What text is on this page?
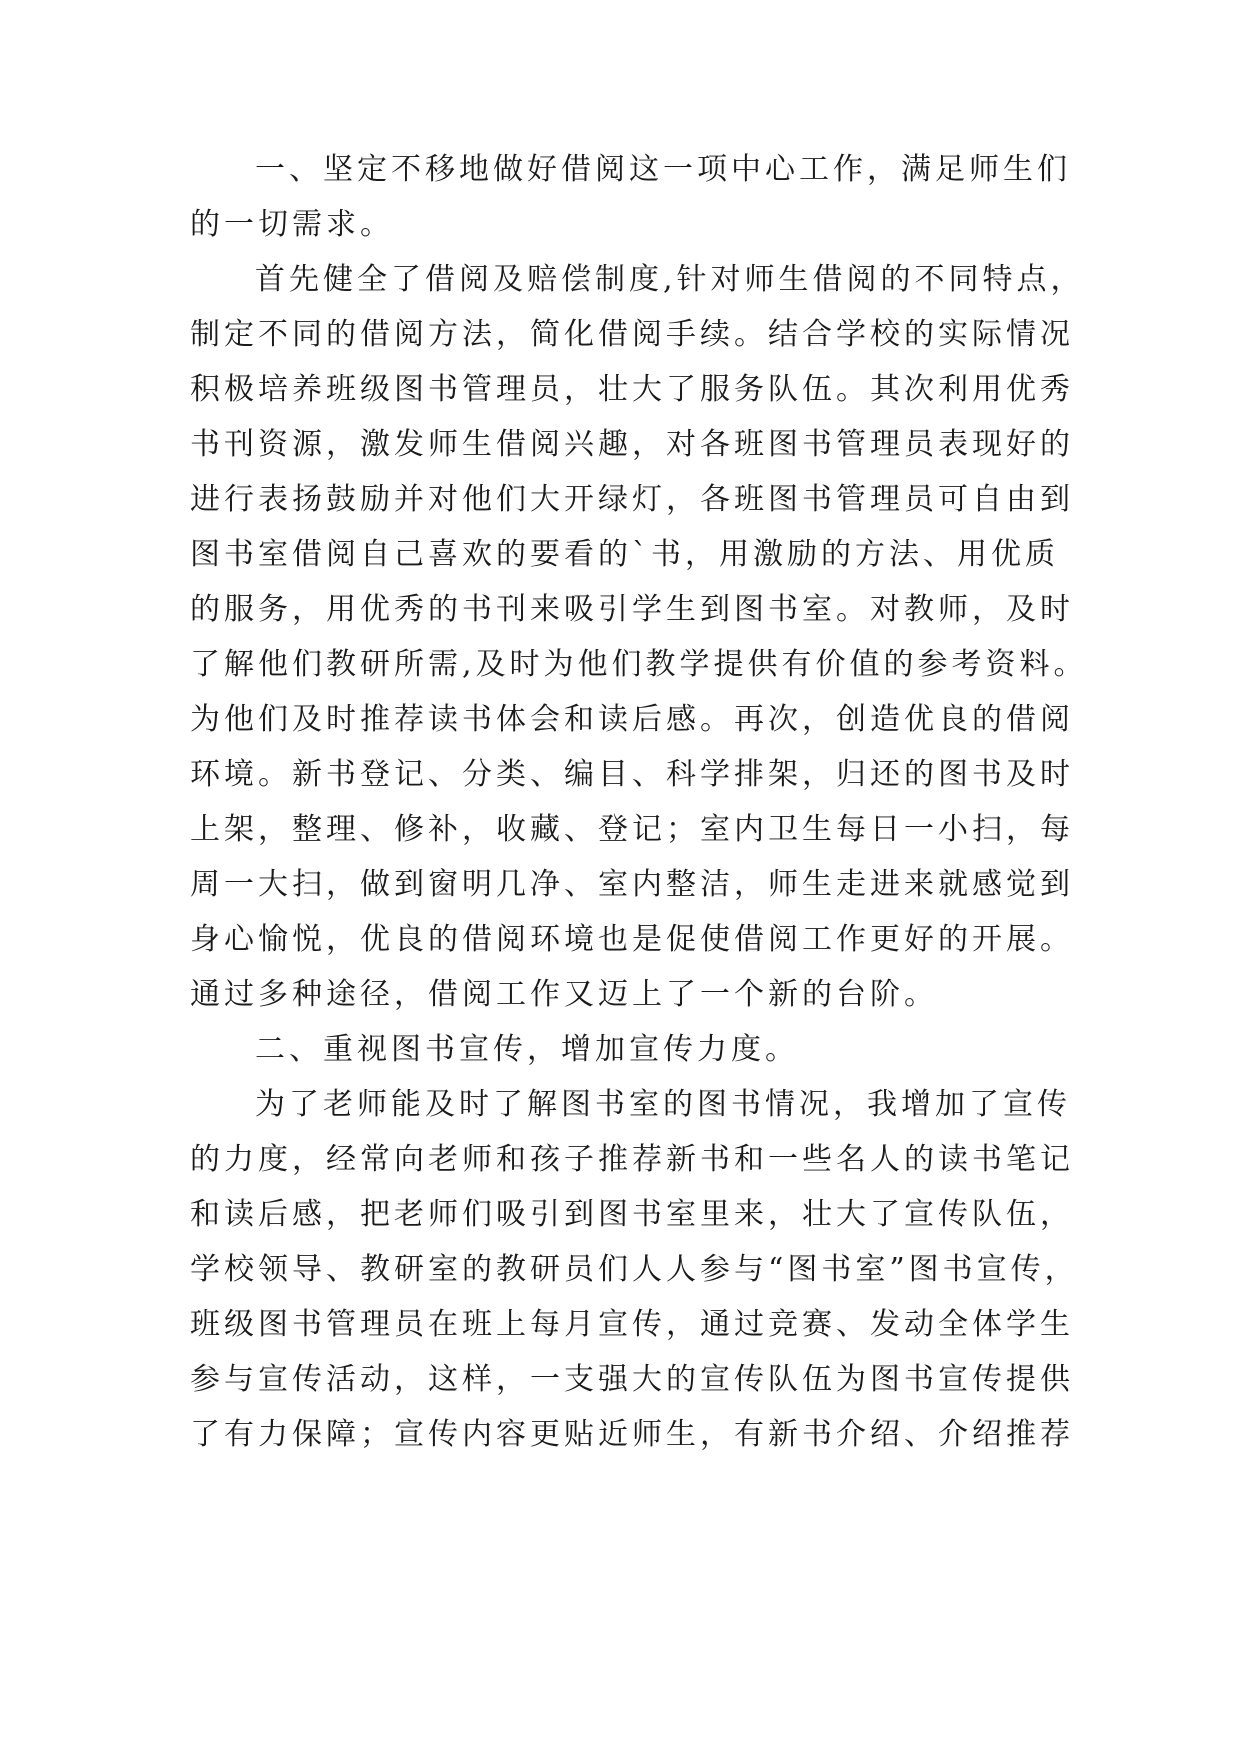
一、坚定不移地做好借阅这一项中心工作，满足师生们

的一切需求。

首先健全了借阅及赔偿制度,针对师生借阅的不同特点，

制定不同的借阅方法，简化借阅手续。结合学校的实际情况

积极培养班级图书管理员，壮大了服务队伍。其次利用优秀

书刊资源，激发师生借阅兴趣，对各班图书管理员表现好的

进行表扬鼓励并对他们大开绿灯，各班图书管理员可自由到

图书室借阅自己喜欢的要看的`书，用激励的方法、用优质

的服务，用优秀的书刊来吸引学生到图书室。对教师，及时

了解他们教研所需,及时为他们教学提供有价值的参考资料。

为他们及时推荐读书体会和读后感。再次，创造优良的借阅

环境。新书登记、分类、编目、科学排架，归还的图书及时

上架，整理、修补，收藏、登记；室内卫生每日一小扫，每

周一大扫，做到窗明几净、室内整洁，师生走进来就感觉到

身心愉悦，优良的借阅环境也是促使借阅工作更好的开展。

通过多种途径，借阅工作又迈上了一个新的台阶。

二、重视图书宣传，增加宣传力度。

为了老师能及时了解图书室的图书情况，我增加了宣传

的力度，经常向老师和孩子推荐新书和一些名人的读书笔记

和读后感，把老师们吸引到图书室里来，壮大了宣传队伍，

学校领导、教研室的教研员们人人参与“图书室”图书宣传，

班级图书管理员在班上每月宣传，通过竞赛、发动全体学生

参与宣传活动，这样，一支强大的宣传队伍为图书宣传提供

了有力保障；宣传内容更贴近师生，有新书介绍、介绍推荐
